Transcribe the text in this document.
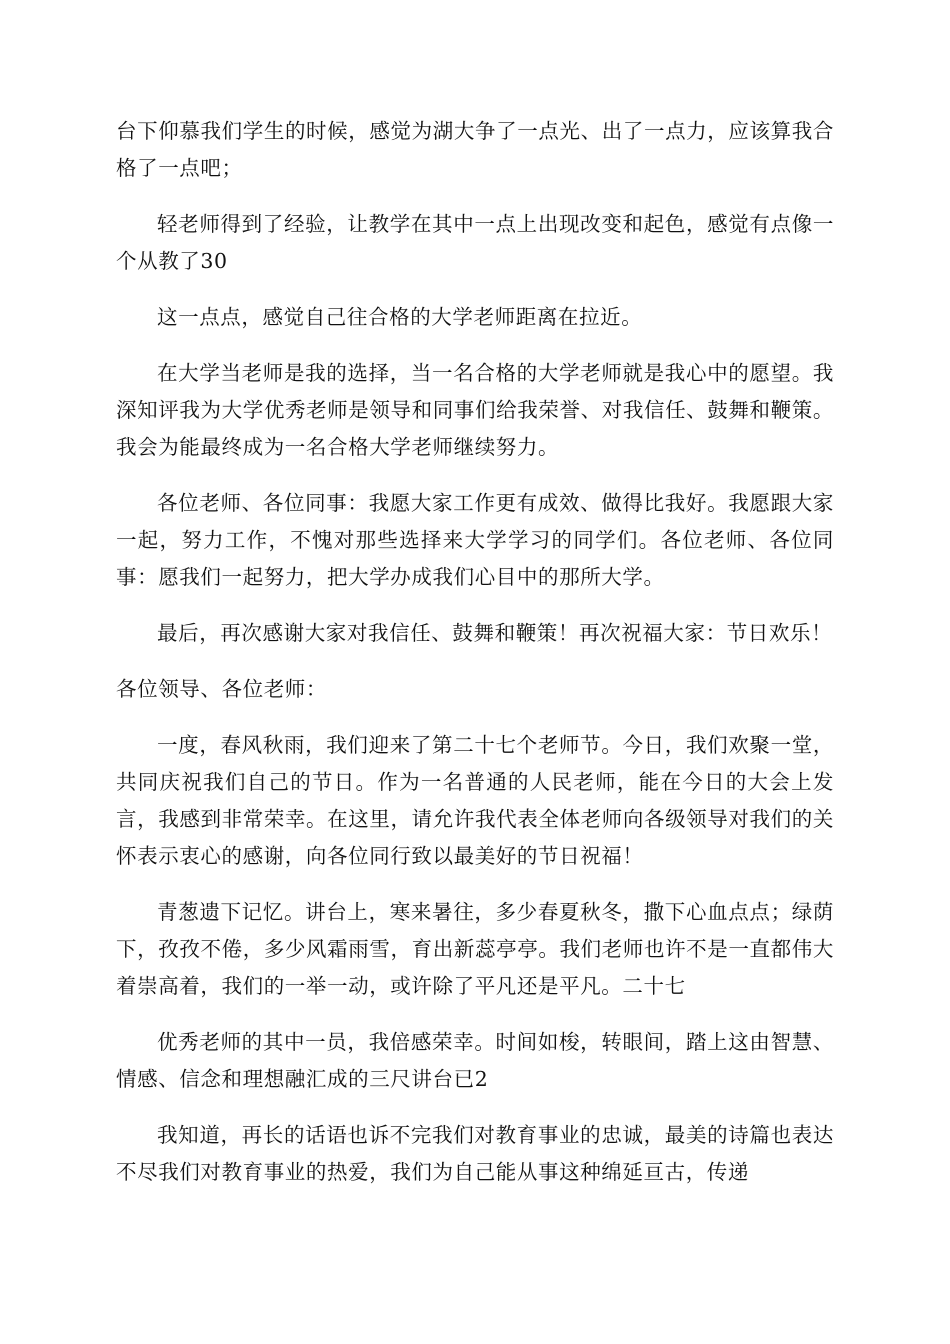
台下仰慕我们学生的时候，感觉为湖大争了一点光、出了一点力，应该算我合格了一点吧；

轻老师得到了经验，让教学在其中一点上出现改变和起色，感觉有点像一个从教了30

这一点点，感觉自己往合格的大学老师距离在拉近。

在大学当老师是我的选择，当一名合格的大学老师就是我心中的愿望。我深知评我为大学优秀老师是领导和同事们给我荣誉、对我信任、鼓舞和鞭策。我会为能最终成为一名合格大学老师继续努力。

各位老师、各位同事：我愿大家工作更有成效、做得比我好。我愿跟大家一起，努力工作，不愧对那些选择来大学学习的同学们。各位老师、各位同事：愿我们一起努力，把大学办成我们心目中的那所大学。

最后，再次感谢大家对我信任、鼓舞和鞭策！再次祝福大家：节日欢乐！

各位领导、各位老师：

一度，春风秋雨，我们迎来了第二十七个老师节。今日，我们欢聚一堂，共同庆祝我们自己的节日。作为一名普通的人民老师，能在今日的大会上发言，我感到非常荣幸。在这里，请允许我代表全体老师向各级领导对我们的关怀表示衷心的感谢，向各位同行致以最美好的节日祝福！

青葱遗下记忆。讲台上，寒来暑往，多少春夏秋冬，撒下心血点点；绿荫下，孜孜不倦，多少风霜雨雪，育出新蕊亭亭。我们老师也许不是一直都伟大着崇高着，我们的一举一动，或许除了平凡还是平凡。二十七

优秀老师的其中一员，我倍感荣幸。时间如梭，转眼间，踏上这由智慧、情感、信念和理想融汇成的三尺讲台已2

我知道，再长的话语也诉不完我们对教育事业的忠诚，最美的诗篇也表达不尽我们对教育事业的热爱，我们为自己能从事这种绵延亘古，传递
